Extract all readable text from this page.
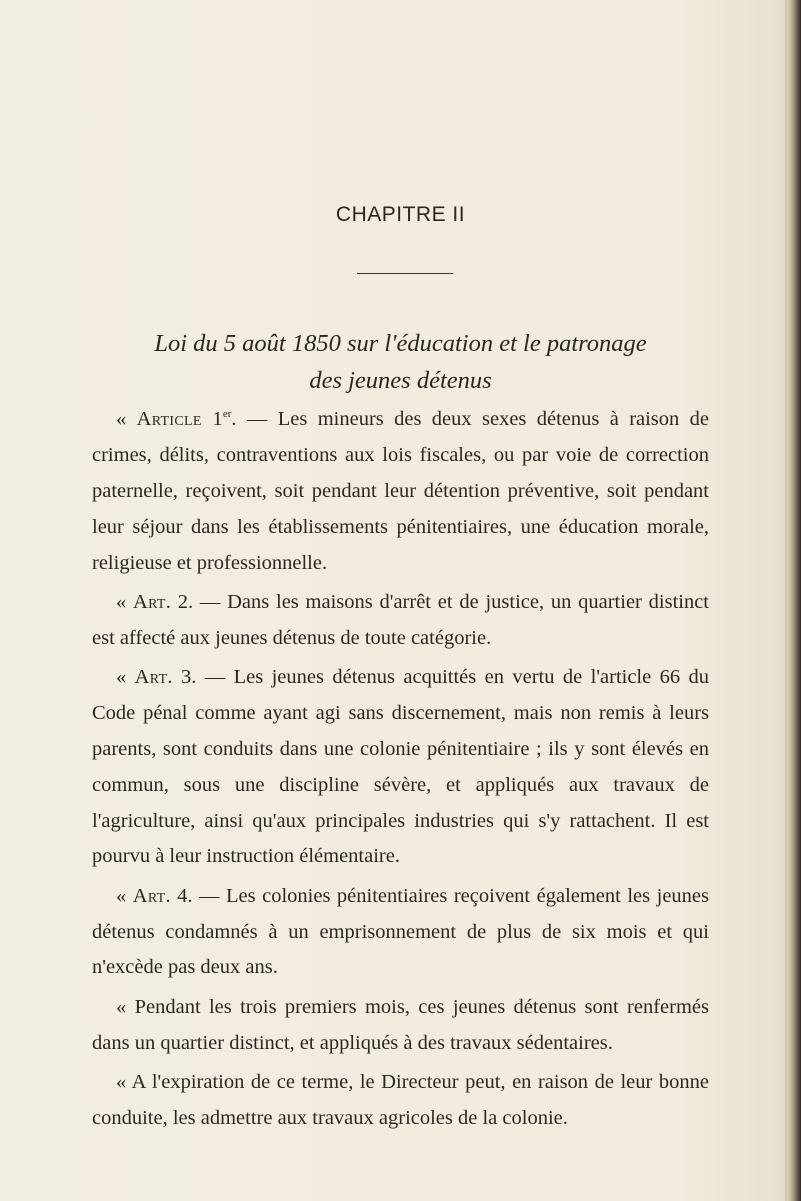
CHAPITRE II
Loi du 5 août 1850 sur l'éducation et le patronage
des jeunes détenus

« Article 1er. — Les mineurs des deux sexes détenus à raison de crimes, délits, contraventions aux lois fiscales, ou par voie de correction paternelle, reçoivent, soit pendant leur détention préventive, soit pendant leur séjour dans les établissements pénitentiaires, une éducation morale, religieuse et professionnelle.

« Art. 2. — Dans les maisons d'arrêt et de justice, un quartier distinct est affecté aux jeunes détenus de toute catégorie.

« Art. 3. — Les jeunes détenus acquittés en vertu de l'article 66 du Code pénal comme ayant agi sans discernement, mais non remis à leurs parents, sont conduits dans une colonie pénitentiaire ; ils y sont élevés en commun, sous une discipline sévère, et appliqués aux travaux de l'agriculture, ainsi qu'aux principales industries qui s'y rattachent. Il est pourvu à leur instruction élémentaire.

« Art. 4. — Les colonies pénitentiaires reçoivent également les jeunes détenus condamnés à un emprisonnement de plus de six mois et qui n'excède pas deux ans.

« Pendant les trois premiers mois, ces jeunes détenus sont renfermés dans un quartier distinct, et appliqués à des travaux sédentaires.

« A l'expiration de ce terme, le Directeur peut, en raison de leur bonne conduite, les admettre aux travaux agricoles de la colonie.
